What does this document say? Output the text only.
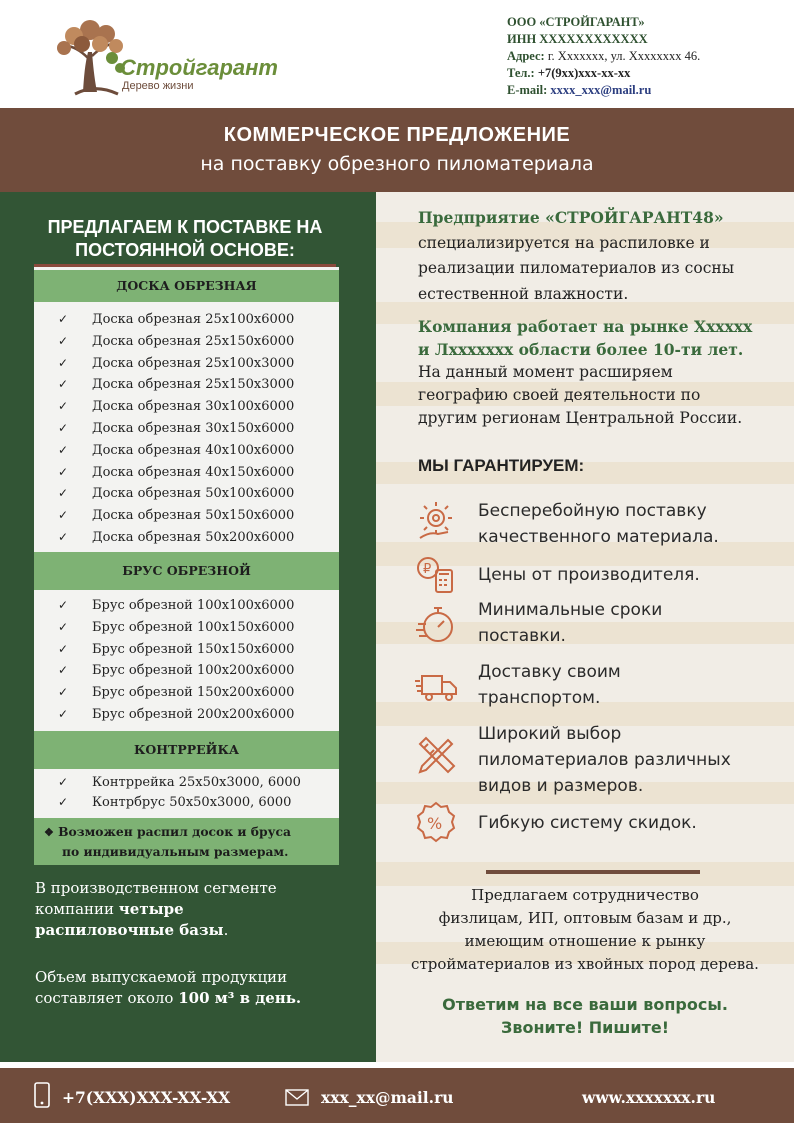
Стройгарант
Дерево жизни
ООО «СТРОЙГАРАНТ»
ИНН XXXXXXXXXXXX
Адрес: г. Xxxxxxx, ул. Xxxxxxxx 46.
Тел.: +7(9xx)xxx-xx-xx
E-mail: xxxx_xxx@mail.ru
КОММЕРЧЕСКОЕ ПРЕДЛОЖЕНИЕ
на поставку обрезного пиломатериала
ПРЕДЛАГАЕМ К ПОСТАВКЕ НА
ПОСТОЯННОЙ ОСНОВЕ:
ДОСКА ОБРЕЗНАЯ
✓ Доска обрезная 25х100х6000
✓ Доска обрезная 25х150х6000
✓ Доска обрезная 25х100х3000
✓ Доска обрезная 25х150х3000
✓ Доска обрезная 30х100х6000
✓ Доска обрезная 30х150х6000
✓ Доска обрезная 40х100х6000
✓ Доска обрезная 40х150х6000
✓ Доска обрезная 50х100х6000
✓ Доска обрезная 50х150х6000
✓ Доска обрезная 50х200х6000
БРУС ОБРЕЗНОЙ
✓ Брус обрезной 100х100х6000
✓ Брус обрезной 100х150х6000
✓ Брус обрезной 150х150х6000
✓ Брус обрезной 100х200х6000
✓ Брус обрезной 150х200х6000
✓ Брус обрезной 200х200х6000
КОНТРРЕЙКА
✓ Контррейка 25х50х3000, 6000
✓ Контрбрус 50х50х3000, 6000
❖ Возможен распил досок и бруса
по индивидуальным размерам.
В производственном сегменте
компании четыре
распиловочные базы.
Объем выпускаемой продукции
составляет около 100 м³ в день.
Предприятие «СТРОЙГАРАНТ48»
специализируется на распиловке и
реализации пиломатериалов из сосны
естественной влажности.
Компания работает на рынке Xxxxxx
и Лxxxxxxx области более 10-ти лет.
На данный момент расширяем
географию своей деятельности по
другим регионам Центральной России.
МЫ ГАРАНТИРУЕМ:
Бесперебойную поставку
качественного материала.
₽	Цены от производителя.
Минимальные сроки
поставки.
Доставку своим
транспортом.
Широкий выбор
пиломатериалов различных
видов и размеров.
% Гибкую систему скидок.
Предлагаем сотрудничество
физлицам, ИП, оптовым базам и др.,
имеющим отношение к рынку
стройматериалов из хвойных пород дерева.
Ответим на все ваши вопросы.
Звоните! Пишите!
+7(XXX)XXX-XX-XX	xxx_xx@mail.ru	www.xxxxxxx.ru
